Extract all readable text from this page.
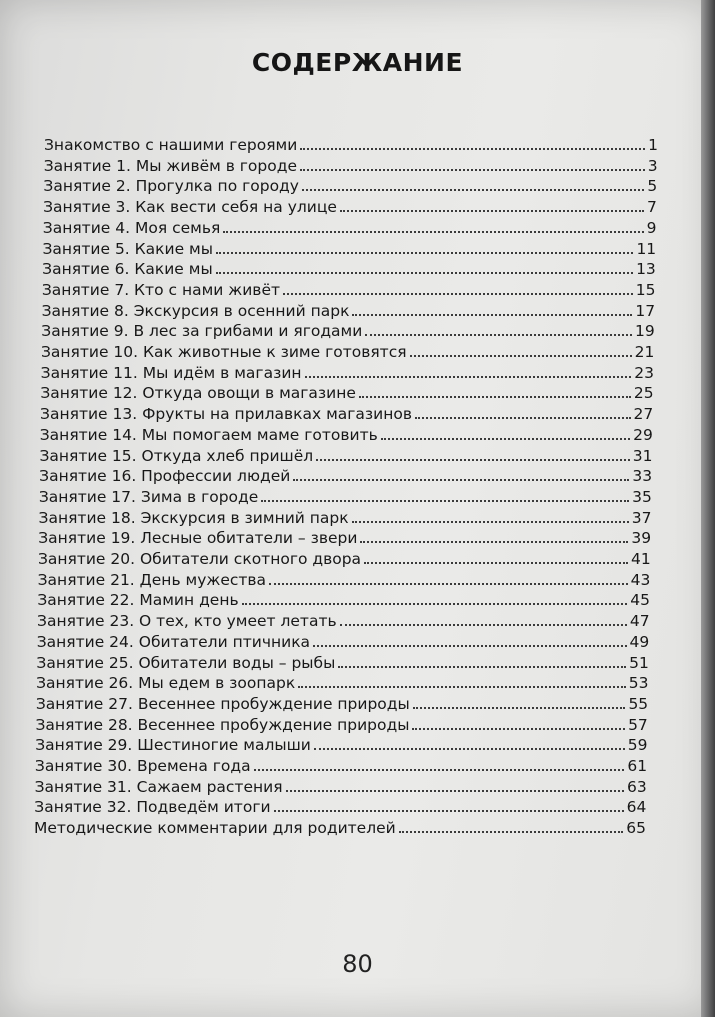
СОДЕРЖАНИЕ
Знакомство с нашими героями	1
Занятие 1. Мы живём в городе	3
Занятие 2. Прогулка по городу	5
Занятие 3. Как вести себя на улице	7
Занятие 4. Моя семья	9
Занятие 5. Какие мы	11
Занятие 6. Какие мы	13
Занятие 7. Кто с нами живёт	15
Занятие 8. Экскурсия в осенний парк	17
Занятие 9. В лес за грибами и ягодами	19
Занятие 10. Как животные к зиме готовятся	21
Занятие 11. Мы идём в магазин	23
Занятие 12. Откуда овощи в магазине	25
Занятие 13. Фрукты на прилавках магазинов	27
Занятие 14. Мы помогаем маме готовить	29
Занятие 15. Откуда хлеб пришёл	31
Занятие 16. Профессии людей	33
Занятие 17. Зима в городе	35
Занятие 18. Экскурсия в зимний парк	37
Занятие 19. Лесные обитатели – звери	39
Занятие 20. Обитатели скотного двора	41
Занятие 21. День мужества	43
Занятие 22. Мамин день	45
Занятие 23. О тех, кто умеет летать	47
Занятие 24. Обитатели птичника	49
Занятие 25. Обитатели воды – рыбы	51
Занятие 26. Мы едем в зоопарк	53
Занятие 27. Весеннее пробуждение природы	55
Занятие 28. Весеннее пробуждение природы	57
Занятие 29. Шестиногие малыши	59
Занятие 30. Времена года	61
Занятие 31. Сажаем растения	63
Занятие 32. Подведём итоги	64
Методические комментарии для родителей	65
80
